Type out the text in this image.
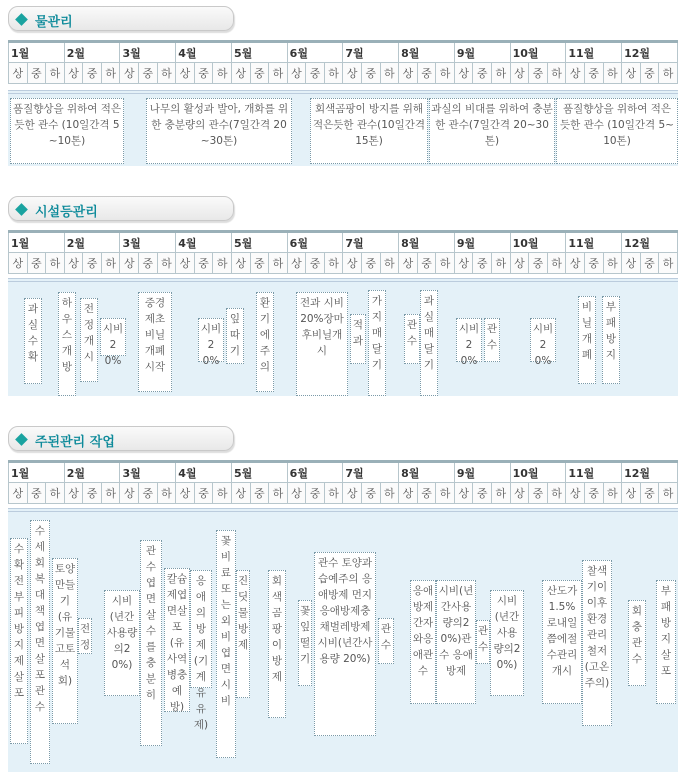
물관리
1월			2월			3월			4월			5월			6월			7월			8월			9월			10월			11월			12월		
상	중	하	상	중	하	상	중	하	상	중	하	상	중	하	상	중	하	상	중	하	상	중	하	상	중	하	상	중	하	상	중	하	상	중	하
품질향상을 위하여 적은듯한 관수 (10일간격 5~10톤)
나무의 활성과 발아, 개화를 위한 충분량의 관수(7일간격 20~30톤)
회색곰팡이 방지를 위해 적은듯한 관수(10일간격 15톤)
과실의 비대를 위하여 충분한 관수(7일간격 20~30톤)
품질향상을 위하여 적은듯한 관수 (10일간격 5~10톤)
시설등관리
1월			2월			3월			4월			5월			6월			7월			8월			9월			10월			11월			12월		
상	중	하	상	중	하	상	중	하	상	중	하	상	중	하	상	중	하	상	중	하	상	중	하	상	중	하	상	중	하	상	중	하	상	중	하
과실수확
하우스개방
전정개시
시비20%
중경제초비닐개폐시작
시비20%
잎따기
환기에주의
전과 시비20%장마후비닐개시
적과
가지매달기
관수
과실매달기
시비20%
관수
시비20%
비닐개폐
부패방지
주된관리 작업
1월			2월			3월			4월			5월			6월			7월			8월			9월			10월			11월			12월		
상	중	하	상	중	하	상	중	하	상	중	하	상	중	하	상	중	하	상	중	하	상	중	하	상	중	하	상	중	하	상	중	하	상	중	하
수확전부피방지제살포
수세회복대책엽면살포관수
토양만들기(유기물고토석회)
전정
시비(년간사용량의20%)
관수엽면살수를충분히
칼슘제엽면살포(유사역병충예방)
응애의방제(기계유유제)
꽃비료또는외비엽면시비
진딧물방제
회색곰팡이방제
꽃잎떨기
관수 토양과 습예주의 응애방제 먼지응애방제충채벌레방제 시비(년간사용량 20%)
관수
응애방제간자와응애관수
시비(년간사용량의20%)관수 응애방제
관수
시비(년간사용량의20%)
산도가1.5%로내일쯤에절수관리개시
찰색기이이후환경관리철저(고온주의)
회충관수
부패방지살포
